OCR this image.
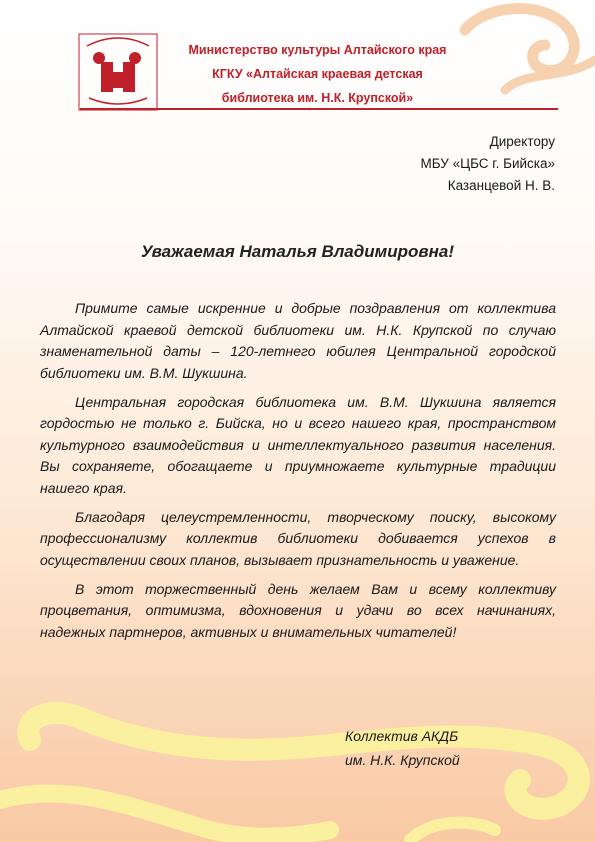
Министерство культуры Алтайского края
КГКУ «Алтайская краевая детская
библиотека им. Н.К. Крупской»
Директору
МБУ «ЦБС г. Бийска»
Казанцевой Н. В.
Уважаемая Наталья Владимировна!

Примите самые искренние и добрые поздравления от коллектива Алтайской краевой детской библиотеки им. Н.К. Крупской по случаю знаменательной даты – 120-летнего юбилея Центральной городской библиотеки им. В.М. Шукшина.

Центральная городская библиотека им. В.М. Шукшина является гордостью не только г. Бийска, но и всего нашего края, пространством культурного взаимодействия и интеллектуального развития населения. Вы сохраняете, обогащаете и приумножаете культурные традиции нашего края.

Благодаря целеустремленности, творческому поиску, высокому профессионализму коллектив библиотеки добивается успехов в осуществлении своих планов, вызывает признательность и уважение.

В этот торжественный день желаем Вам и всему коллективу процветания, оптимизма, вдохновения и удачи во всех начинаниях, надежных партнеров, активных и внимательных читателей!

Коллектив АКДБ
им. Н.К. Крупской
